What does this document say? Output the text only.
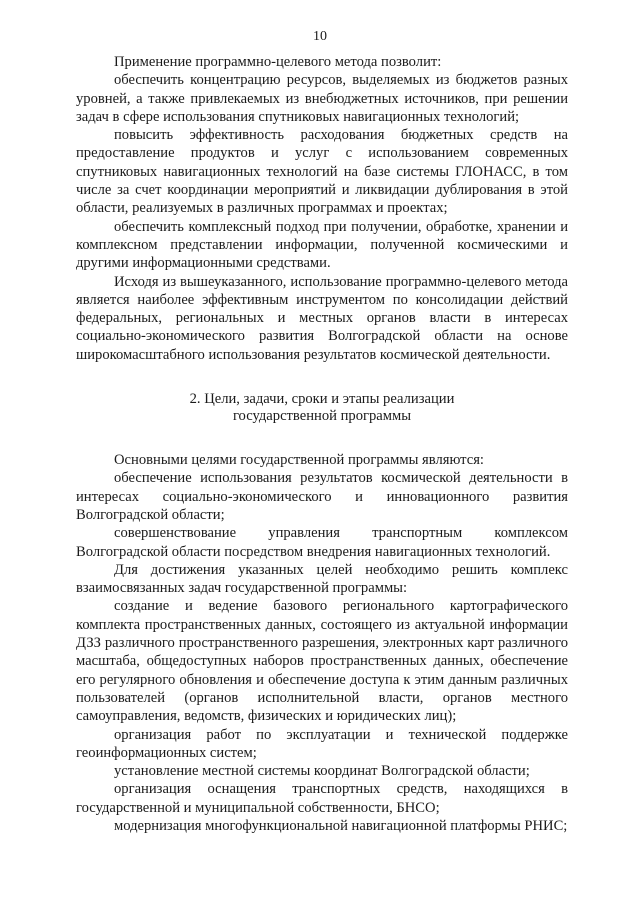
10

Применение программно-целевого метода позволит:

обеспечить концентрацию ресурсов, выделяемых из бюджетов разных уровней, а также привлекаемых из внебюджетных источников, при решении задач в сфере использования спутниковых навигационных технологий;

повысить эффективность расходования бюджетных средств на предоставление продуктов и услуг с использованием современных спутниковых навигационных технологий на базе системы ГЛОНАСС, в том числе за счет координации мероприятий и ликвидации дублирования в этой области, реализуемых в различных программах и проектах;

обеспечить комплексный подход при получении, обработке, хранении и комплексном представлении информации, полученной космическими и другими информационными средствами.

Исходя из вышеуказанного, использование программно-целевого метода является наиболее эффективным инструментом по консолидации действий федеральных, региональных и местных органов власти в интересах социально-экономического развития Волгоградской области на основе широкомасштабного использования результатов космической деятельности.

2. Цели, задачи, сроки и этапы реализации
государственной программы

Основными целями государственной программы являются:

обеспечение использования результатов космической деятельности в интересах социально-экономического и инновационного развития Волгоградской области;

совершенствование управления транспортным комплексом Волгоградской области посредством внедрения навигационных технологий.

Для достижения указанных целей необходимо решить комплекс взаимосвязанных задач государственной программы:

создание и ведение базового регионального картографического комплекта пространственных данных, состоящего из актуальной информации ДЗЗ различного пространственного разрешения, электронных карт различного масштаба, общедоступных наборов пространственных данных, обеспечение его регулярного обновления и обеспечение доступа к этим данным различных пользователей (органов исполнительной власти, органов местного самоуправления, ведомств, физических и юридических лиц);

организация работ по эксплуатации и технической поддержке геоинформационных систем;

установление местной системы координат Волгоградской области;

организация оснащения транспортных средств, находящихся в государственной и муниципальной собственности, БНСО;

модернизация многофункциональной навигационной платформы РНИС;
